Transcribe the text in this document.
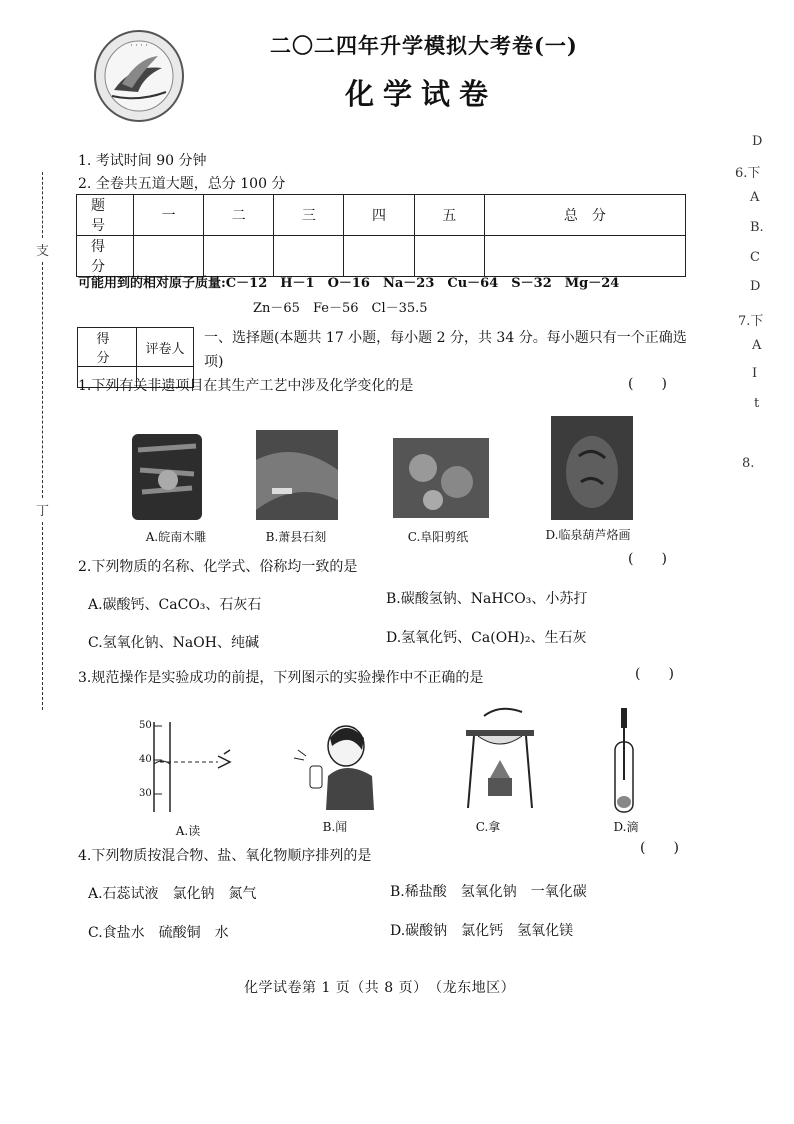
· · · ·	二〇二四年升学模拟大考卷(一)
化学试卷
1. 考试时间 90 分钟
2. 全卷共五道大题，总分 100 分
题　号	一	二	三	四	五	总　分
得　分						
可能用到的相对原子质量:C－12　H－1　O－16　Na－23　Cu－64　S－32　Mg－24
Zn－65　Fe－56　Cl－35.5
得　分	评卷人

一、选择题(本题共 17 小题，每小题 2 分，共 34 分。每小题只有一个正确选项)
1.下列有关非遗项目在其生产工艺中涉及化学变化的是	(　　)
A.皖南木雕	B.萧县石刻	C.阜阳剪纸	D.临泉葫芦烙画
2.下列物质的名称、化学式、俗称均一致的是	(　　)
A.碳酸钙、CaCO₃、石灰石	B.碳酸氢钠、NaHCO₃、小苏打
C.氢氧化钠、NaOH、纯碱	D.氢氧化钙、Ca(OH)₂、生石灰
3.规范操作是实验成功的前提，下列图示的实验操作中不正确的是	(　　)
50
40
30
A.读	B.闻	C.拿	D.滴
4.下列物质按混合物、盐、氧化物顺序排列的是	(　　)
A.石蕊试液　氯化钠　氮气	B.稀盐酸　氢氧化钠　一氧化碳
C.食盐水　硫酸铜　水	D.碳酸钠　氯化钙　氢氧化镁
化学试卷第 1 页（共 8 页）　（龙东地区）
支
丁
D
6.下
A
B.
C
D
7.下
A
I
t
8.
